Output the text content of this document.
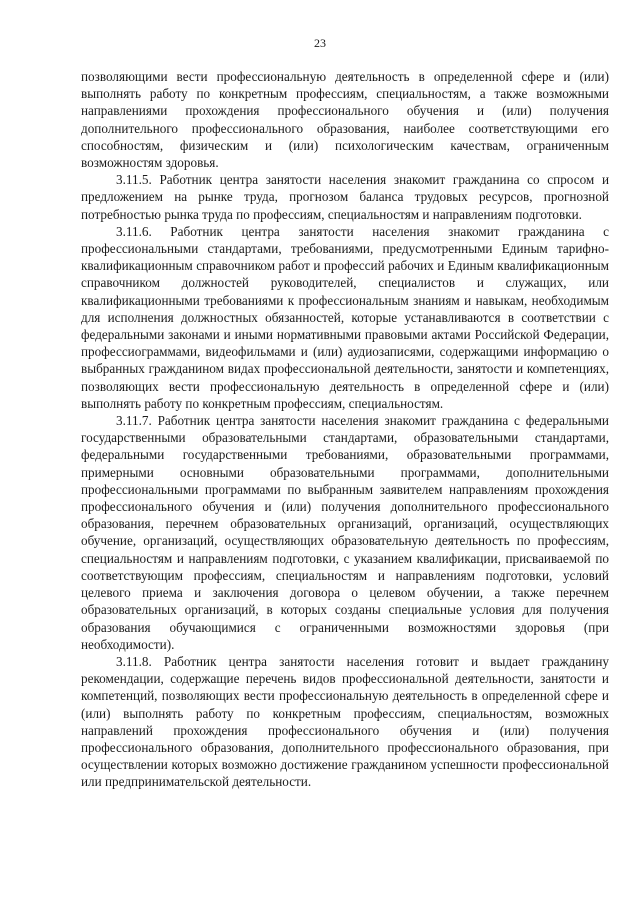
23

позволяющими вести профессиональную деятельность в определенной сфере и (или) выполнять работу по конкретным профессиям, специальностям, а также возможными направлениями прохождения профессионального обучения и (или) получения дополнительного профессионального образования, наиболее соответствующими его способностям, физическим и (или) психологическим качествам, ограниченным возможностям здоровья.

3.11.5. Работник центра занятости населения знакомит гражданина со спросом и предложением на рынке труда, прогнозом баланса трудовых ресурсов, прогнозной потребностью рынка труда по профессиям, специальностям и направлениям подготовки.

3.11.6. Работник центра занятости населения знакомит гражданина с профессиональными стандартами, требованиями, предусмотренными Единым тарифно-квалификационным справочником работ и профессий рабочих и Единым квалификационным справочником должностей руководителей, специалистов и служащих, или квалификационными требованиями к профессиональным знаниям и навыкам, необходимым для исполнения должностных обязанностей, которые устанавливаются в соответствии с федеральными законами и иными нормативными правовыми актами Российской Федерации, профессиограммами, видеофильмами и (или) аудиозаписями, содержащими информацию о выбранных гражданином видах профессиональной деятельности, занятости и компетенциях, позволяющих вести профессиональную деятельность в определенной сфере и (или) выполнять работу по конкретным профессиям, специальностям.

3.11.7. Работник центра занятости населения знакомит гражданина с федеральными государственными образовательными стандартами, образовательными стандартами, федеральными государственными требованиями, образовательными программами, примерными основными образовательными программами, дополнительными профессиональными программами по выбранным заявителем направлениям прохождения профессионального обучения и (или) получения дополнительного профессионального образования, перечнем образовательных организаций, организаций, осуществляющих обучение, организаций, осуществляющих образовательную деятельность по профессиям, специальностям и направлениям подготовки, с указанием квалификации, присваиваемой по соответствующим профессиям, специальностям и направлениям подготовки, условий целевого приема и заключения договора о целевом обучении, а также перечнем образовательных организаций, в которых созданы специальные условия для получения образования обучающимися с ограниченными возможностями здоровья (при необходимости).

3.11.8. Работник центра занятости населения готовит и выдает гражданину рекомендации, содержащие перечень видов профессиональной деятельности, занятости и компетенций, позволяющих вести профессиональную деятельность в определенной сфере и (или) выполнять работу по конкретным профессиям, специальностям, возможных направлений прохождения профессионального обучения и (или) получения профессионального образования, дополнительного профессионального образования, при осуществлении которых возможно достижение гражданином успешности профессиональной или предпринимательской деятельности.
